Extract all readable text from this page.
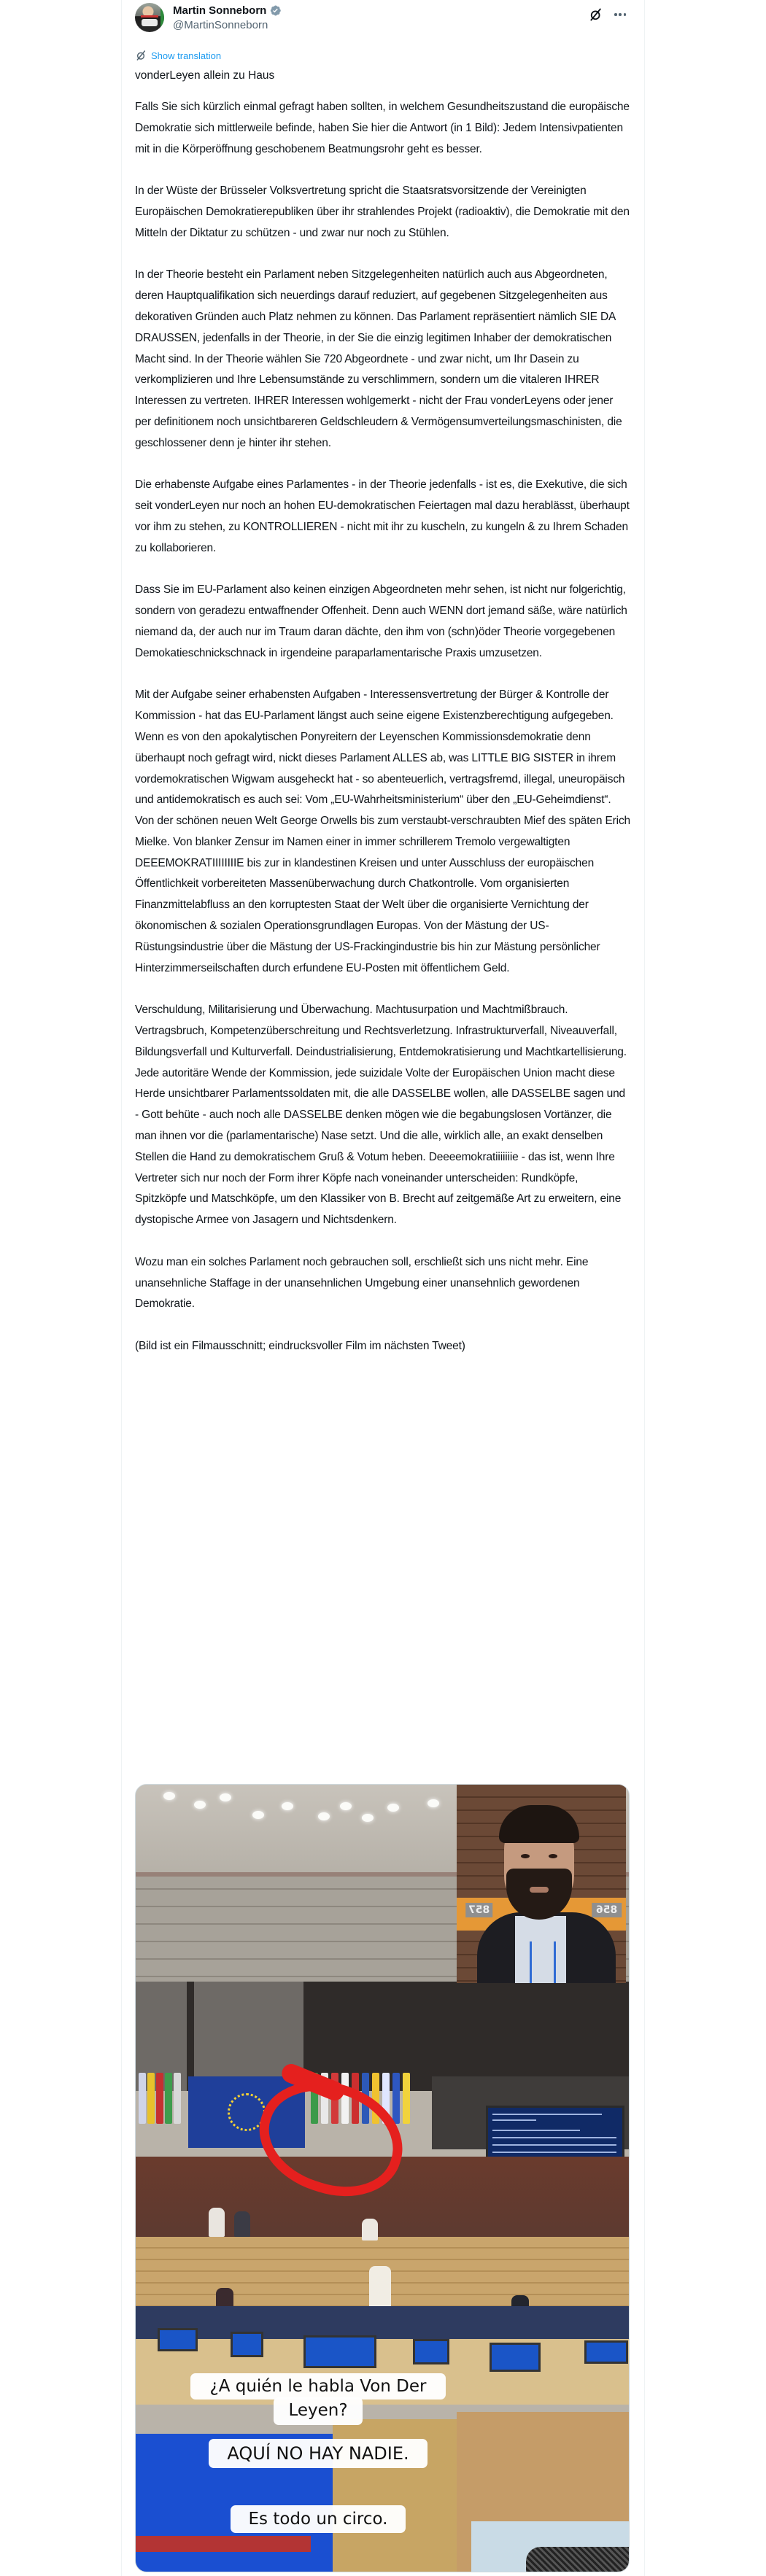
Martin Sonneborn
@MartinSonneborn
Show translation
vonderLeyen allein zu Haus

Falls Sie sich kürzlich einmal gefragt haben sollten, in welchem Gesundheitszustand die europäische Demokratie sich mittlerweile befinde, haben Sie hier die Antwort (in 1 Bild): Jedem Intensivpatienten mit in die Körperöffnung geschobenem Beatmungsrohr geht es besser.

In der Wüste der Brüsseler Volksvertretung spricht die Staatsratsvorsitzende der Vereinigten Europäischen Demokratierepubliken über ihr strahlendes Projekt (radioaktiv), die Demokratie mit den Mitteln der Diktatur zu schützen - und zwar nur noch zu Stühlen.

In der Theorie besteht ein Parlament neben Sitzgelegenheiten natürlich auch aus Abgeordneten, deren Hauptqualifikation sich neuerdings darauf reduziert, auf gegebenen Sitzgelegenheiten aus dekorativen Gründen auch Platz nehmen zu können. Das Parlament repräsentiert nämlich SIE DA DRAUSSEN, jedenfalls in der Theorie, in der Sie die einzig legitimen Inhaber der demokratischen Macht sind. In der Theorie wählen Sie 720 Abgeordnete - und zwar nicht, um Ihr Dasein zu verkomplizieren und Ihre Lebensumstände zu verschlimmern, sondern um die vitaleren IHRER Interessen zu vertreten. IHRER Interessen wohlgemerkt - nicht der Frau vonderLeyens oder jener per definitionem noch unsichtbareren Geldschleudern & Vermögensumverteilungsmaschinisten, die geschlossener denn je hinter ihr stehen.

Die erhabenste Aufgabe eines Parlamentes - in der Theorie jedenfalls - ist es, die Exekutive, die sich seit vonderLeyen nur noch an hohen EU-demokratischen Feiertagen mal dazu herablässt, überhaupt vor ihm zu stehen, zu KONTROLLIEREN - nicht mit ihr zu kuscheln, zu kungeln & zu Ihrem Schaden zu kollaborieren.

Dass Sie im EU-Parlament also keinen einzigen Abgeordneten mehr sehen, ist nicht nur folgerichtig, sondern von geradezu entwaffnender Offenheit. Denn auch WENN dort jemand säße, wäre natürlich niemand da, der auch nur im Traum daran dächte, den ihm von (schn)öder Theorie vorgegebenen Demokatieschnickschnack in irgendeine paraparlamentarische Praxis umzusetzen.

Mit der Aufgabe seiner erhabensten Aufgaben - Interessensvertretung der Bürger & Kontrolle der Kommission - hat das EU-Parlament längst auch seine eigene Existenzberechtigung aufgegeben. Wenn es von den apokalytischen Ponyreitern der Leyenschen Kommissionsdemokratie denn überhaupt noch gefragt wird, nickt dieses Parlament ALLES ab, was LITTLE BIG SISTER in ihrem vordemokratischen Wigwam ausgeheckt hat - so abenteuerlich, vertragsfremd, illegal, uneuropäisch und antidemokratisch es auch sei: Vom „EU-Wahrheitsministerium“ über den „EU-Geheimdienst“. Von der schönen neuen Welt George Orwells bis zum verstaubt-verschraubten Mief des späten Erich Mielke. Von blanker Zensur im Namen einer in immer schrillerem Tremolo vergewaltigten DEEEMOKRATIIIIIIIIE bis zur in klandestinen Kreisen und unter Ausschluss der europäischen Öffentlichkeit vorbereiteten Massenüberwachung durch Chatkontrolle. Vom organisierten Finanzmittelabfluss an den korruptesten Staat der Welt über die organisierte Vernichtung der ökonomischen & sozialen Operationsgrundlagen Europas. Von der Mästung der US-Rüstungsindustrie über die Mästung der US-Frackingindustrie bis hin zur Mästung persönlicher Hinterzimmerseilschaften durch erfundene EU-Posten mit öffentlichem Geld.

Verschuldung, Militarisierung und Überwachung. Machtusurpation und Machtmißbrauch. Vertragsbruch, Kompetenzüberschreitung und Rechtsverletzung. Infrastrukturverfall, Niveauverfall, Bildungsverfall und Kulturverfall. Deindustrialisierung, Entdemokratisierung und Machtkartellisierung. Jede autoritäre Wende der Kommission, jede suizidale Volte der Europäischen Union macht diese Herde unsichtbarer Parlamentssoldaten mit, die alle DASSELBE wollen, alle DASSELBE sagen und - Gott behüte - auch noch alle DASSELBE denken mögen wie die begabungslosen Vortänzer, die man ihnen vor die (parlamentarische) Nase setzt. Und die alle, wirklich alle, an exakt denselben Stellen die Hand zu demokratischem Gruß & Votum heben. Deeeemokratiiiiiiie - das ist, wenn Ihre Vertreter sich nur noch der Form ihrer Köpfe nach voneinander unterscheiden: Rundköpfe, Spitzköpfe und Matschköpfe, um den Klassiker von B. Brecht auf zeitgemäße Art zu erweitern, eine dystopische Armee von Jasagern und Nichtsdenkern.

Wozu man ein solches Parlament noch gebrauchen soll, erschließt sich uns nicht mehr. Eine unansehnliche Staffage in der unansehnlichen Umgebung einer unansehnlich gewordenen Demokratie.

(Bild ist ein Filmausschnitt; eindrucksvoller Film im nächsten Tweet)

856
857
¿A quién le habla Von Der
Leyen?
AQUÍ NO HAY NADIE.
Es todo un circo.
